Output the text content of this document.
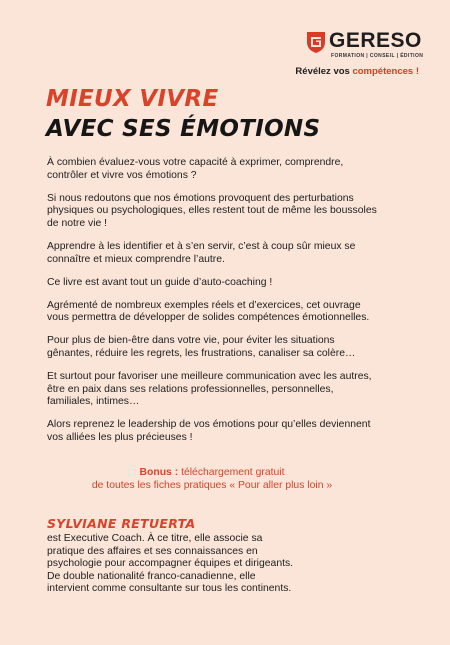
GERESO
FORMATION | CONSEIL | ÉDITION
Révélez vos compétences !
MIEUX VIVRE
AVEC SES ÉMOTIONS

À combien évaluez-vous votre capacité à exprimer, comprendre, contrôler et vivre vos émotions ?

Si nous redoutons que nos émotions provoquent des perturbations physiques ou psychologiques, elles restent tout de même les boussoles de notre vie !

Apprendre à les identifier et à s’en servir, c’est à coup sûr mieux se connaître et mieux comprendre l’autre.

Ce livre est avant tout un guide d’auto-coaching !

Agrémenté de nombreux exemples réels et d’exercices, cet ouvrage vous permettra de développer de solides compétences émotionnelles.

Pour plus de bien-être dans votre vie, pour éviter les situations gênantes, réduire les regrets, les frustrations, canaliser sa colère…

Et surtout pour favoriser une meilleure communication avec les autres, être en paix dans ses relations professionnelles, personnelles, familiales, intimes…

Alors reprenez le leadership de vos émotions pour qu’elles deviennent vos alliées les plus précieuses !

Bonus : téléchargement gratuit
de toutes les fiches pratiques « Pour aller plus loin »
SYLVIANE RETUERTA
est Executive Coach. À ce titre, elle associe sa pratique des affaires et ses connaissances en psychologie pour accompagner équipes et dirigeants. De double nationalité franco-canadienne, elle intervient comme consultante sur tous les continents.
